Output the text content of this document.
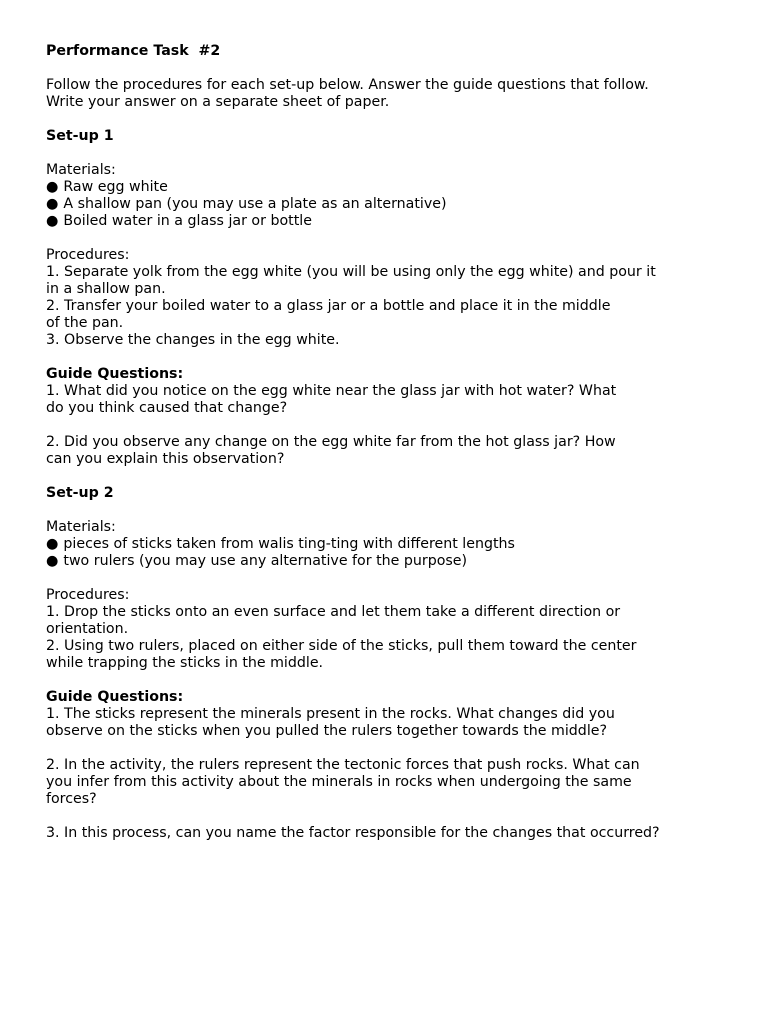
Performance Task  #2
Follow the procedures for each set-up below. Answer the guide questions that follow.
Write your answer on a separate sheet of paper.
Set-up 1
Materials:
● Raw egg white
● A shallow pan (you may use a plate as an alternative)
● Boiled water in a glass jar or bottle
Procedures:
1. Separate yolk from the egg white (you will be using only the egg white) and pour it
in a shallow pan.
2. Transfer your boiled water to a glass jar or a bottle and place it in the middle
of the pan.
3. Observe the changes in the egg white.
Guide Questions:
1. What did you notice on the egg white near the glass jar with hot water? What
do you think caused that change?
2. Did you observe any change on the egg white far from the hot glass jar? How
can you explain this observation?
Set-up 2
Materials:
● pieces of sticks taken from walis ting-ting with different lengths
● two rulers (you may use any alternative for the purpose)
Procedures:
1. Drop the sticks onto an even surface and let them take a different direction or
orientation.
2. Using two rulers, placed on either side of the sticks, pull them toward the center
while trapping the sticks in the middle.
Guide Questions:
1. The sticks represent the minerals present in the rocks. What changes did you
observe on the sticks when you pulled the rulers together towards the middle?
2. In the activity, the rulers represent the tectonic forces that push rocks. What can
you infer from this activity about the minerals in rocks when undergoing the same
forces?
3. In this process, can you name the factor responsible for the changes that occurred?
